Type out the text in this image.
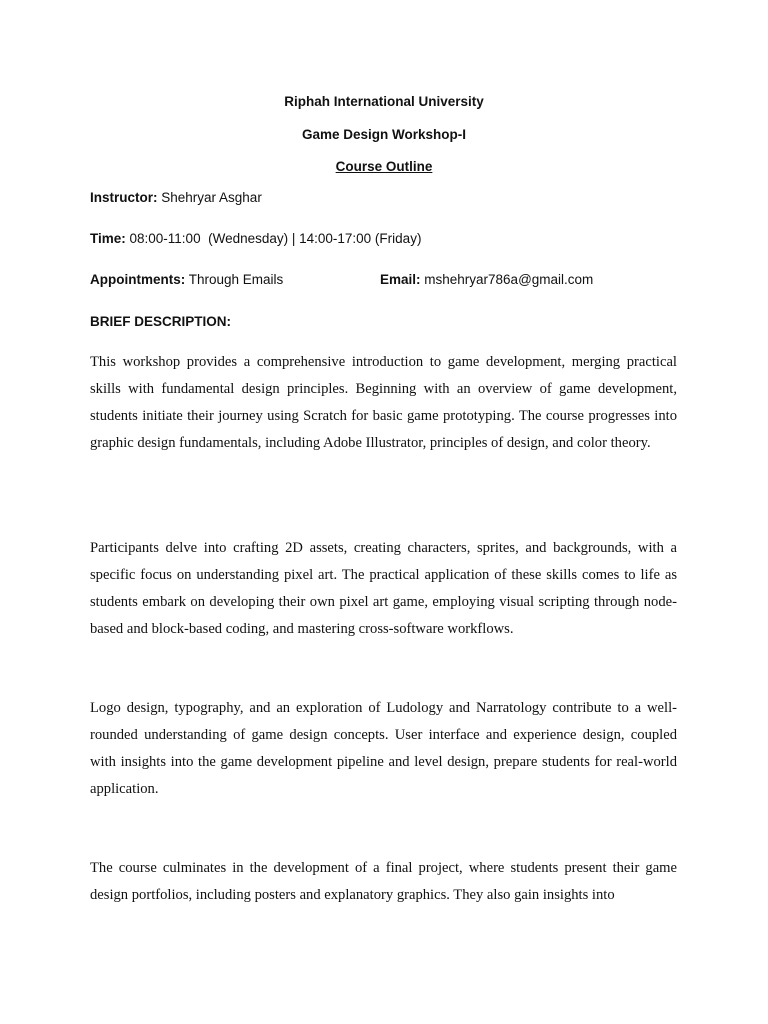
Riphah International University
Game Design Workshop-I
Course Outline
Instructor: Shehryar Asghar
Time: 08:00-11:00  (Wednesday) | 14:00-17:00 (Friday)
Appointments: Through Emails	Email: mshehryar786a@gmail.com
BRIEF DESCRIPTION:
This workshop provides a comprehensive introduction to game development, merging practical skills with fundamental design principles. Beginning with an overview of game development, students initiate their journey using Scratch for basic game prototyping. The course progresses into graphic design fundamentals, including Adobe Illustrator, principles of design, and color theory.
Participants delve into crafting 2D assets, creating characters, sprites, and backgrounds, with a specific focus on understanding pixel art. The practical application of these skills comes to life as students embark on developing their own pixel art game, employing visual scripting through node-based and block-based coding, and mastering cross-software workflows.
Logo design, typography, and an exploration of Ludology and Narratology contribute to a well-rounded understanding of game design concepts. User interface and experience design, coupled with insights into the game development pipeline and level design, prepare students for real-world application.
The course culminates in the development of a final project, where students present their game design portfolios, including posters and explanatory graphics. They also gain insights into
